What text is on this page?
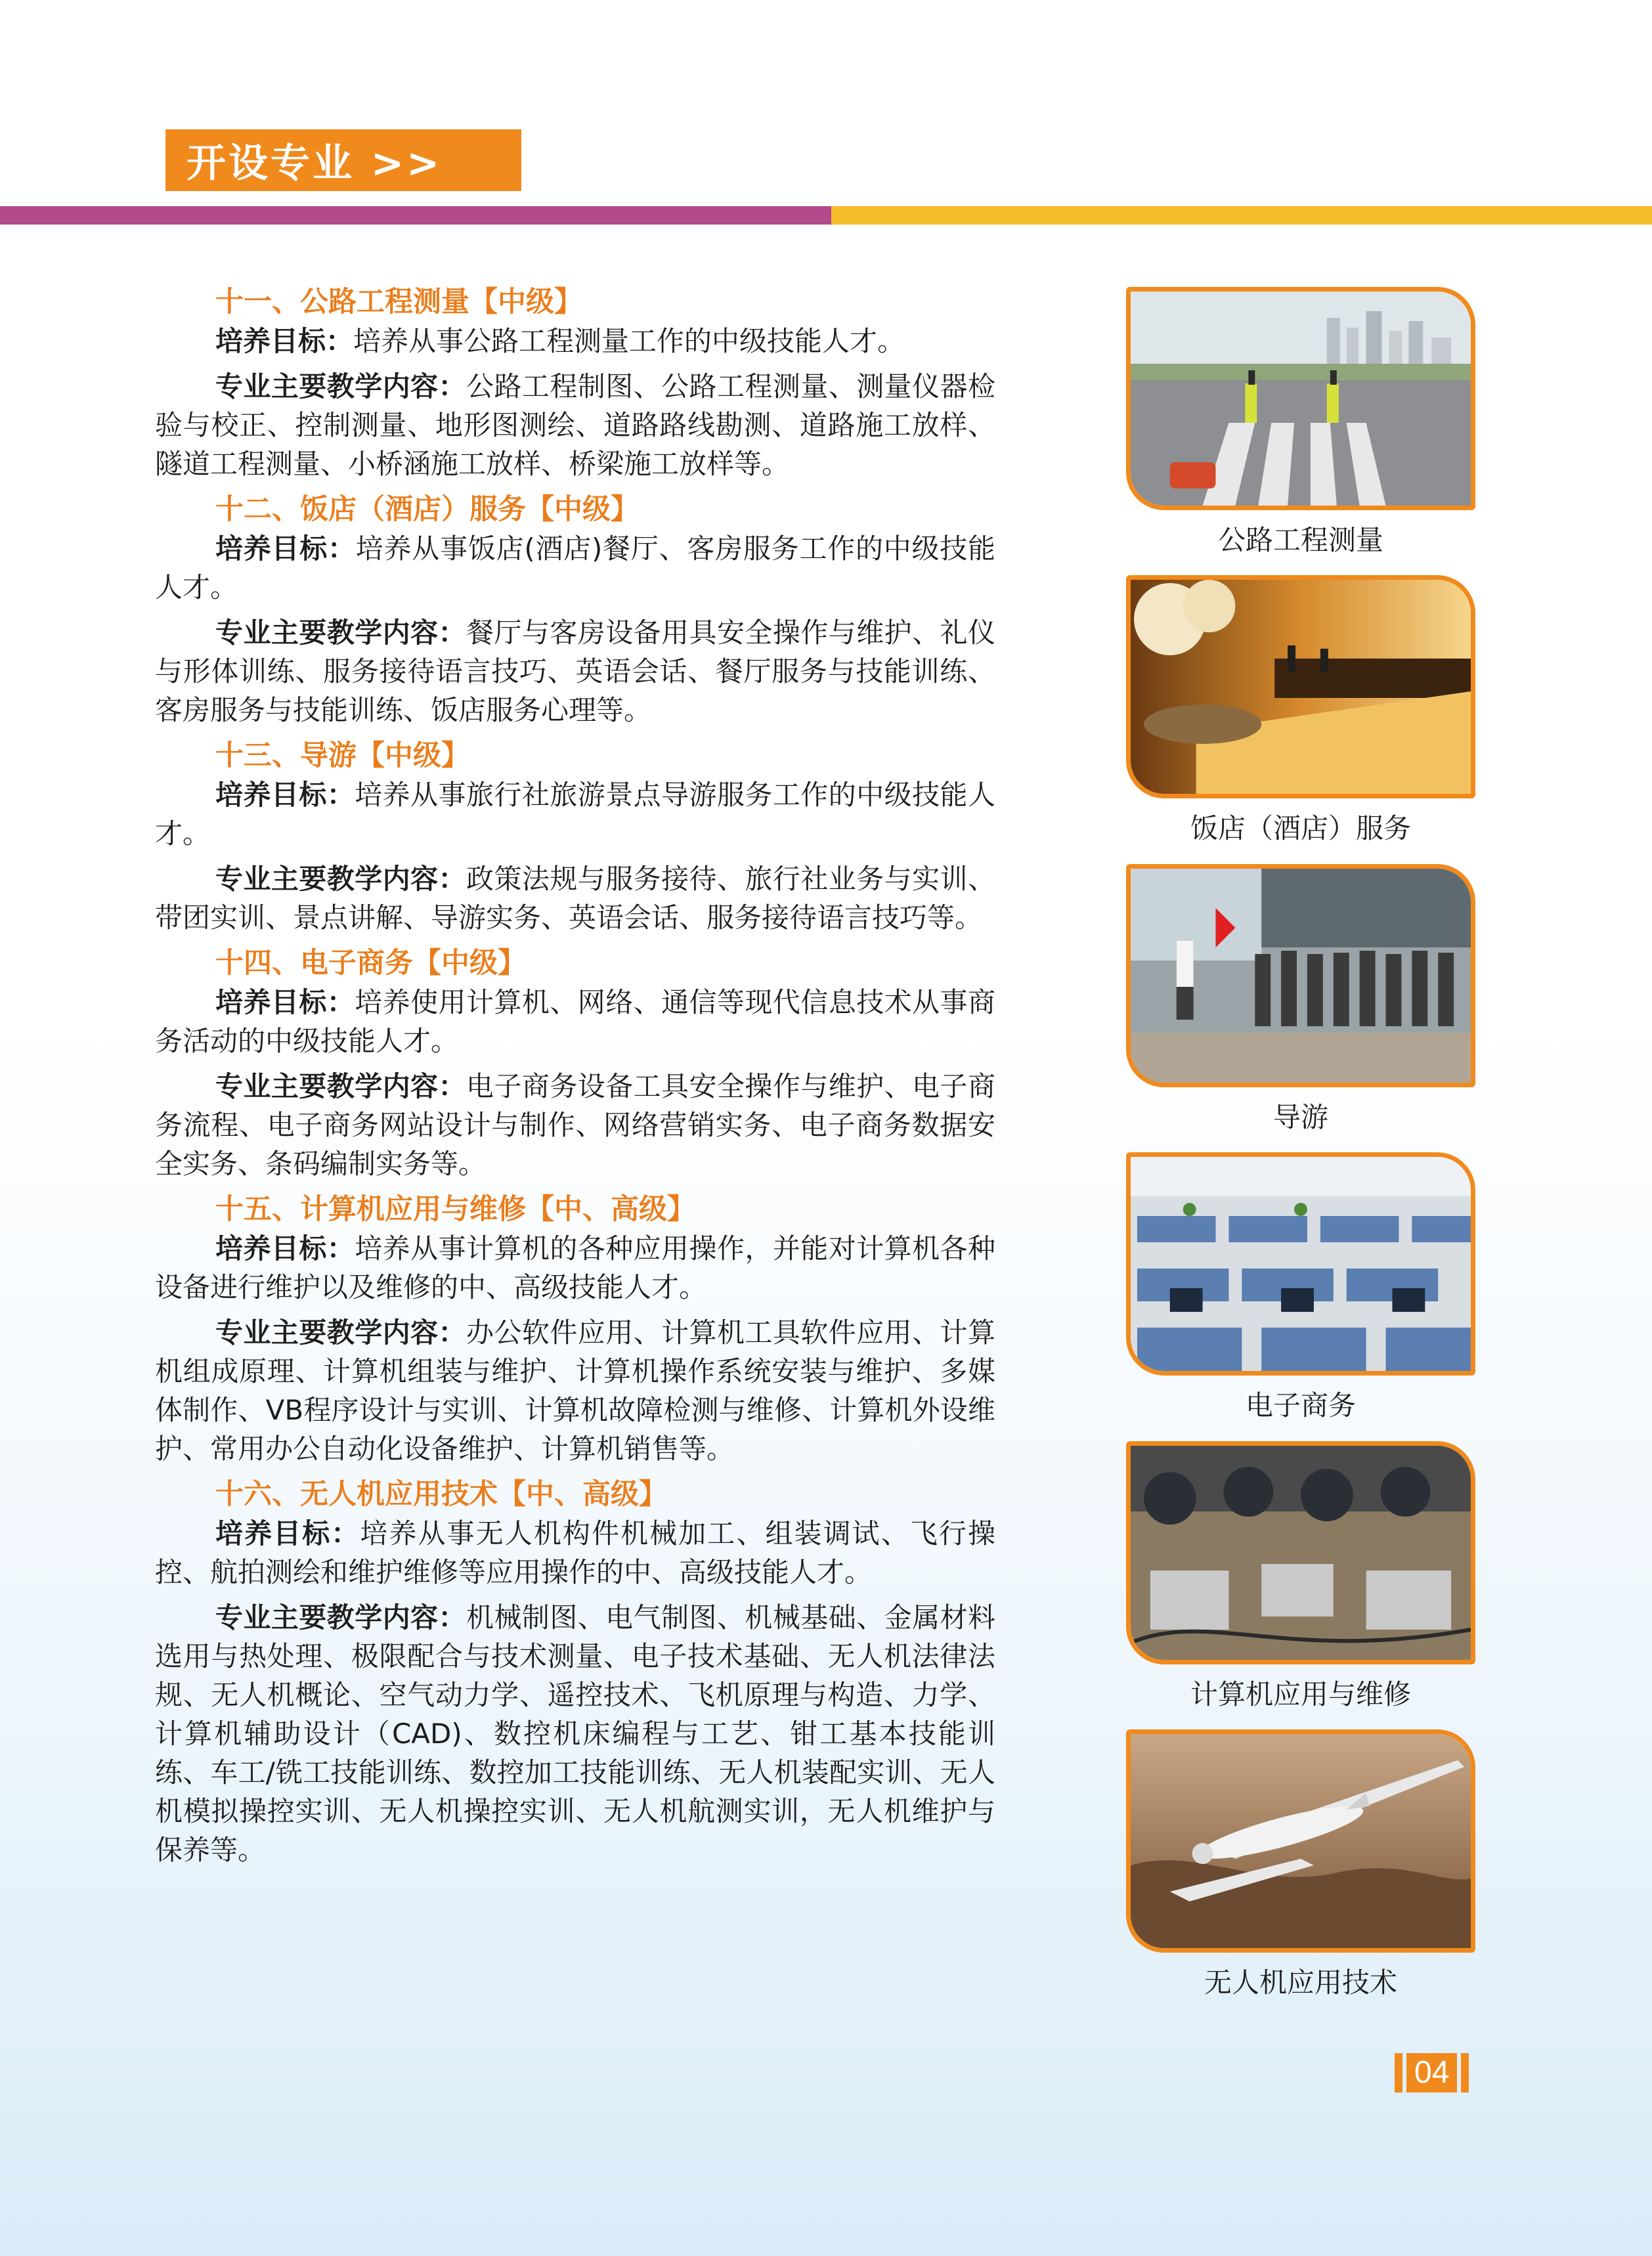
开设专业 >>
十一、公路工程测量【中级】

培养目标：培养从事公路工程测量工作的中级技能人才。

专业主要教学内容：公路工程制图、公路工程测量、测量仪器检验与校正、控制测量、地形图测绘、道路路线勘测、道路施工放样、隧道工程测量、小桥涵施工放样、桥梁施工放样等。

十二、饭店（酒店）服务【中级】

培养目标：培养从事饭店(酒店)餐厅、客房服务工作的中级技能人才。

专业主要教学内容：餐厅与客房设备用具安全操作与维护、礼仪与形体训练、服务接待语言技巧、英语会话、餐厅服务与技能训练、客房服务与技能训练、饭店服务心理等。

十三、导游【中级】

培养目标：培养从事旅行社旅游景点导游服务工作的中级技能人才。

专业主要教学内容：政策法规与服务接待、旅行社业务与实训、带团实训、景点讲解、导游实务、英语会话、服务接待语言技巧等。

十四、电子商务【中级】

培养目标：培养使用计算机、网络、通信等现代信息技术从事商务活动的中级技能人才。

专业主要教学内容：电子商务设备工具安全操作与维护、电子商务流程、电子商务网站设计与制作、网络营销实务、电子商务数据安全实务、条码编制实务等。

十五、计算机应用与维修【中、高级】

培养目标：培养从事计算机的各种应用操作，并能对计算机各种设备进行维护以及维修的中、高级技能人才。

专业主要教学内容：办公软件应用、计算机工具软件应用、计算机组成原理、计算机组装与维护、计算机操作系统安装与维护、多媒体制作、VB程序设计与实训、计算机故障检测与维修、计算机外设维护、常用办公自动化设备维护、计算机销售等。

十六、无人机应用技术【中、高级】

培养目标：培养从事无人机构件机械加工、组装调试、飞行操控、航拍测绘和维护维修等应用操作的中、高级技能人才。

专业主要教学内容：机械制图、电气制图、机械基础、金属材料选用与热处理、极限配合与技术测量、电子技术基础、无人机法律法规、无人机概论、空气动力学、遥控技术、飞机原理与构造、力学、计算机辅助设计（CAD)、数控机床编程与工艺、钳工基本技能训练、车工/铣工技能训练、数控加工技能训练、无人机装配实训、无人机模拟操控实训、无人机操控实训、无人机航测实训，无人机维护与保养等。

公路工程测量
饭店（酒店）服务
导游
电子商务
计算机应用与维修
无人机应用技术
04
